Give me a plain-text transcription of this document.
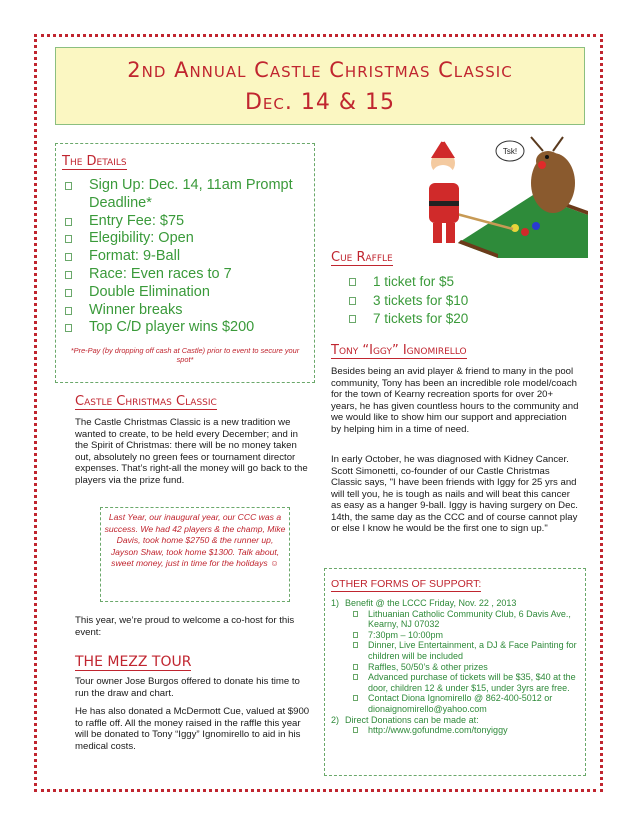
2nd Annual Castle Christmas Classic
Dec. 14 & 15
The Details
Sign Up: Dec. 14, 11am Prompt Deadline*
Entry Fee: $75
Elegibility: Open
Format: 9-Ball
Race: Even races to 7
Double Elimination
Winner breaks
Top C/D player wins $200
*Pre-Pay (by dropping off cash at Castle) prior to event to secure your spot*
Castle Christmas Classic
The Castle Christmas Classic is a new tradition we wanted to create, to be held every December; and in the Spirit of Christmas: there will be no money taken out, absolutely no green fees or tournament director expenses. That’s right-all the money will go back to the players via the prize fund.
Last Year, our inaugural year, our CCC was a success. We had 42 players & the champ, Mike Davis, took home $2750 & the runner up, Jayson Shaw, took home $1300. Talk about, sweet money, just in time for the holidays ☺
This year, we’re proud to welcome a co-host for this event:
THE MEZZ TOUR
Tour owner Jose Burgos offered to donate his time to run the draw and chart.
He has also donated a McDermott Cue, valued at $900 to raffle off. All the money raised in the raffle this year will be donated to Tony “Iggy” Ignomirello to aid in his medical costs.
Tsk!
Cue Raffle
1 ticket for $5
3 tickets for $10
7 tickets for $20
Tony “Iggy” Ignomirello
Besides being an avid player & friend to many in the pool community, Tony has been an incredible role model/coach for the town of Kearny recreation sports for over 20+ years, he has given countless hours to the community and we would like to show him our support and appreciation by helping him in a time of need.
In early October, he was diagnosed with Kidney Cancer. Scott Simonetti, co-founder of our Castle Christmas Classic says, "I have been friends with Iggy for 25 yrs and will tell you, he is tough as nails and will beat this cancer as easy as a hanger 9-ball. Iggy is having surgery on Dec. 14th, the same day as the CCC and of course cannot play or else I know he would be the first one to sign up."
OTHER FORMS OF SUPPORT:
1) Benefit @ the LCCC Friday, Nov. 22 , 2013
Lithuanian Catholic Community Club, 6 Davis Ave., Kearny, NJ 07032
7:30pm – 10:00pm
Dinner, Live Entertainment, a DJ & Face Painting for children will be included
Raffles, 50/50’s & other prizes
Advanced purchase of tickets will be $35, $40 at the door, children 12 & under $15, under 3yrs are free.
Contact Diona Ignomirello @ 862-400-5012 or dionaignomirello@yahoo.com
2) Direct Donations can be made at:
http://www.gofundme.com/tonyiggy
